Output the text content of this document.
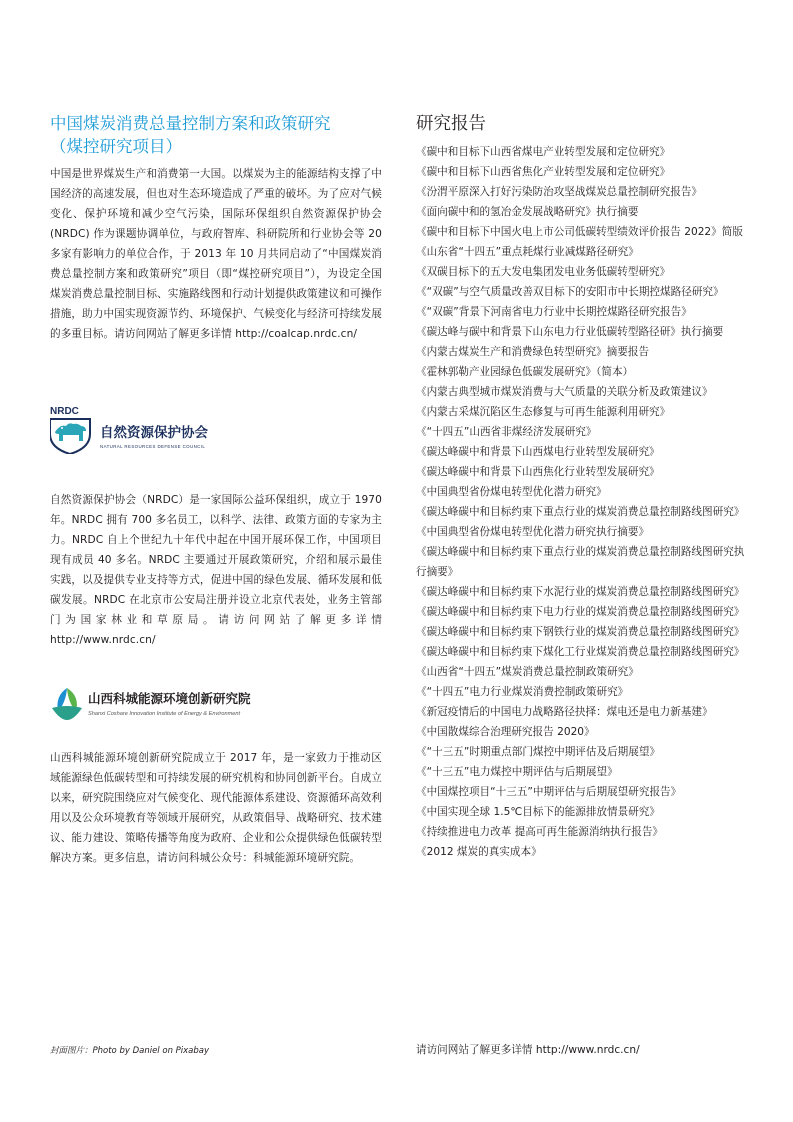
中国煤炭消费总量控制方案和政策研究
（煤控研究项目）

中国是世界煤炭生产和消费第一大国。以煤炭为主的能源结构支撑了中国经济的高速发展，但也对生态环境造成了严重的破坏。为了应对气候变化、保护环境和减少空气污染，国际环保组织自然资源保护协会 (NRDC) 作为课题协调单位，与政府智库、科研院所和行业协会等 20 多家有影响力的单位合作，于 2013 年 10 月共同启动了“中国煤炭消费总量控制方案和政策研究”项目（即“煤控研究项目”），为设定全国煤炭消费总量控制目标、实施路线图和行动计划提供政策建议和可操作措施，助力中国实现资源节约、环境保护、气候变化与经济可持续发展的多重目标。请访问网站了解更多详情 http://coalcap.nrdc.cn/

NRDC
自然资源保护协会
NATURAL RESOURCES DEFENSE COUNCIL

自然资源保护协会（NRDC）是一家国际公益环保组织，成立于 1970 年。NRDC 拥有 700 多名员工，以科学、法律、政策方面的专家为主力。NRDC 自上个世纪九十年代中起在中国开展环保工作，中国项目现有成员 40 多名。NRDC 主要通过开展政策研究，介绍和展示最佳实践，以及提供专业支持等方式，促进中国的绿色发展、循环发展和低碳发展。NRDC 在北京市公安局注册并设立北京代表处，业务主管部门为国家林业和草原局。请访问网站了解更多详情 http://www.nrdc.cn/

山西科城能源环境创新研究院
Shanxi Coshare Innovation Institute of Energy & Environment

山西科城能源环境创新研究院成立于 2017 年，是一家致力于推动区域能源绿色低碳转型和可持续发展的研究机构和协同创新平台。自成立以来，研究院围绕应对气候变化、现代能源体系建设、资源循环高效利用以及公众环境教育等领域开展研究，从政策倡导、战略研究、技术建议、能力建设、策略传播等角度为政府、企业和公众提供绿色低碳转型解决方案。更多信息，请访问科城公众号：科城能源环境研究院。

研究报告
《碳中和目标下山西省煤电产业转型发展和定位研究》
《碳中和目标下山西省焦化产业转型发展和定位研究》
《汾渭平原深入打好污染防治攻坚战煤炭总量控制研究报告》
《面向碳中和的氢冶金发展战略研究》执行摘要
《碳中和目标下中国火电上市公司低碳转型绩效评价报告 2022》简版
《山东省“十四五”重点耗煤行业减煤路径研究》
《双碳目标下的五大发电集团发电业务低碳转型研究》
《“双碳”与空气质量改善双目标下的安阳市中长期控煤路径研究》
《“双碳”背景下河南省电力行业中长期控煤路径研究报告》
《碳达峰与碳中和背景下山东电力行业低碳转型路径研》执行摘要
《内蒙古煤炭生产和消费绿色转型研究》摘要报告
《霍林郭勒产业园绿色低碳发展研究》（简本）
《内蒙古典型城市煤炭消费与大气质量的关联分析及政策建议》
《内蒙古采煤沉陷区生态修复与可再生能源利用研究》
《“十四五”山西省非煤经济发展研究》
《碳达峰碳中和背景下山西煤电行业转型发展研究》
《碳达峰碳中和背景下山西焦化行业转型发展研究》
《中国典型省份煤电转型优化潜力研究》
《碳达峰碳中和目标约束下重点行业的煤炭消费总量控制路线图研究》
《中国典型省份煤电转型优化潜力研究执行摘要》
《碳达峰碳中和目标约束下重点行业的煤炭消费总量控制路线图研究执行摘要》
《碳达峰碳中和目标约束下水泥行业的煤炭消费总量控制路线图研究》
《碳达峰碳中和目标约束下电力行业的煤炭消费总量控制路线图研究》
《碳达峰碳中和目标约束下钢铁行业的煤炭消费总量控制路线图研究》
《碳达峰碳中和目标约束下煤化工行业煤炭消费总量控制路线图研究》
《山西省“十四五”煤炭消费总量控制政策研究》
《“十四五”电力行业煤炭消费控制政策研究》
《新冠疫情后的中国电力战略路径抉择：煤电还是电力新基建》
《中国散煤综合治理研究报告 2020》
《“十三五”时期重点部门煤控中期评估及后期展望》
《“十三五”电力煤控中期评估与后期展望》
《中国煤控项目“十三五”中期评估与后期展望研究报告》
《中国实现全球 1.5℃目标下的能源排放情景研究》
《持续推进电力改革 提高可再生能源消纳执行报告》
《2012 煤炭的真实成本》
封面图片：Photo by Daniel on Pixabay	请访问网站了解更多详情 http://www.nrdc.cn/
